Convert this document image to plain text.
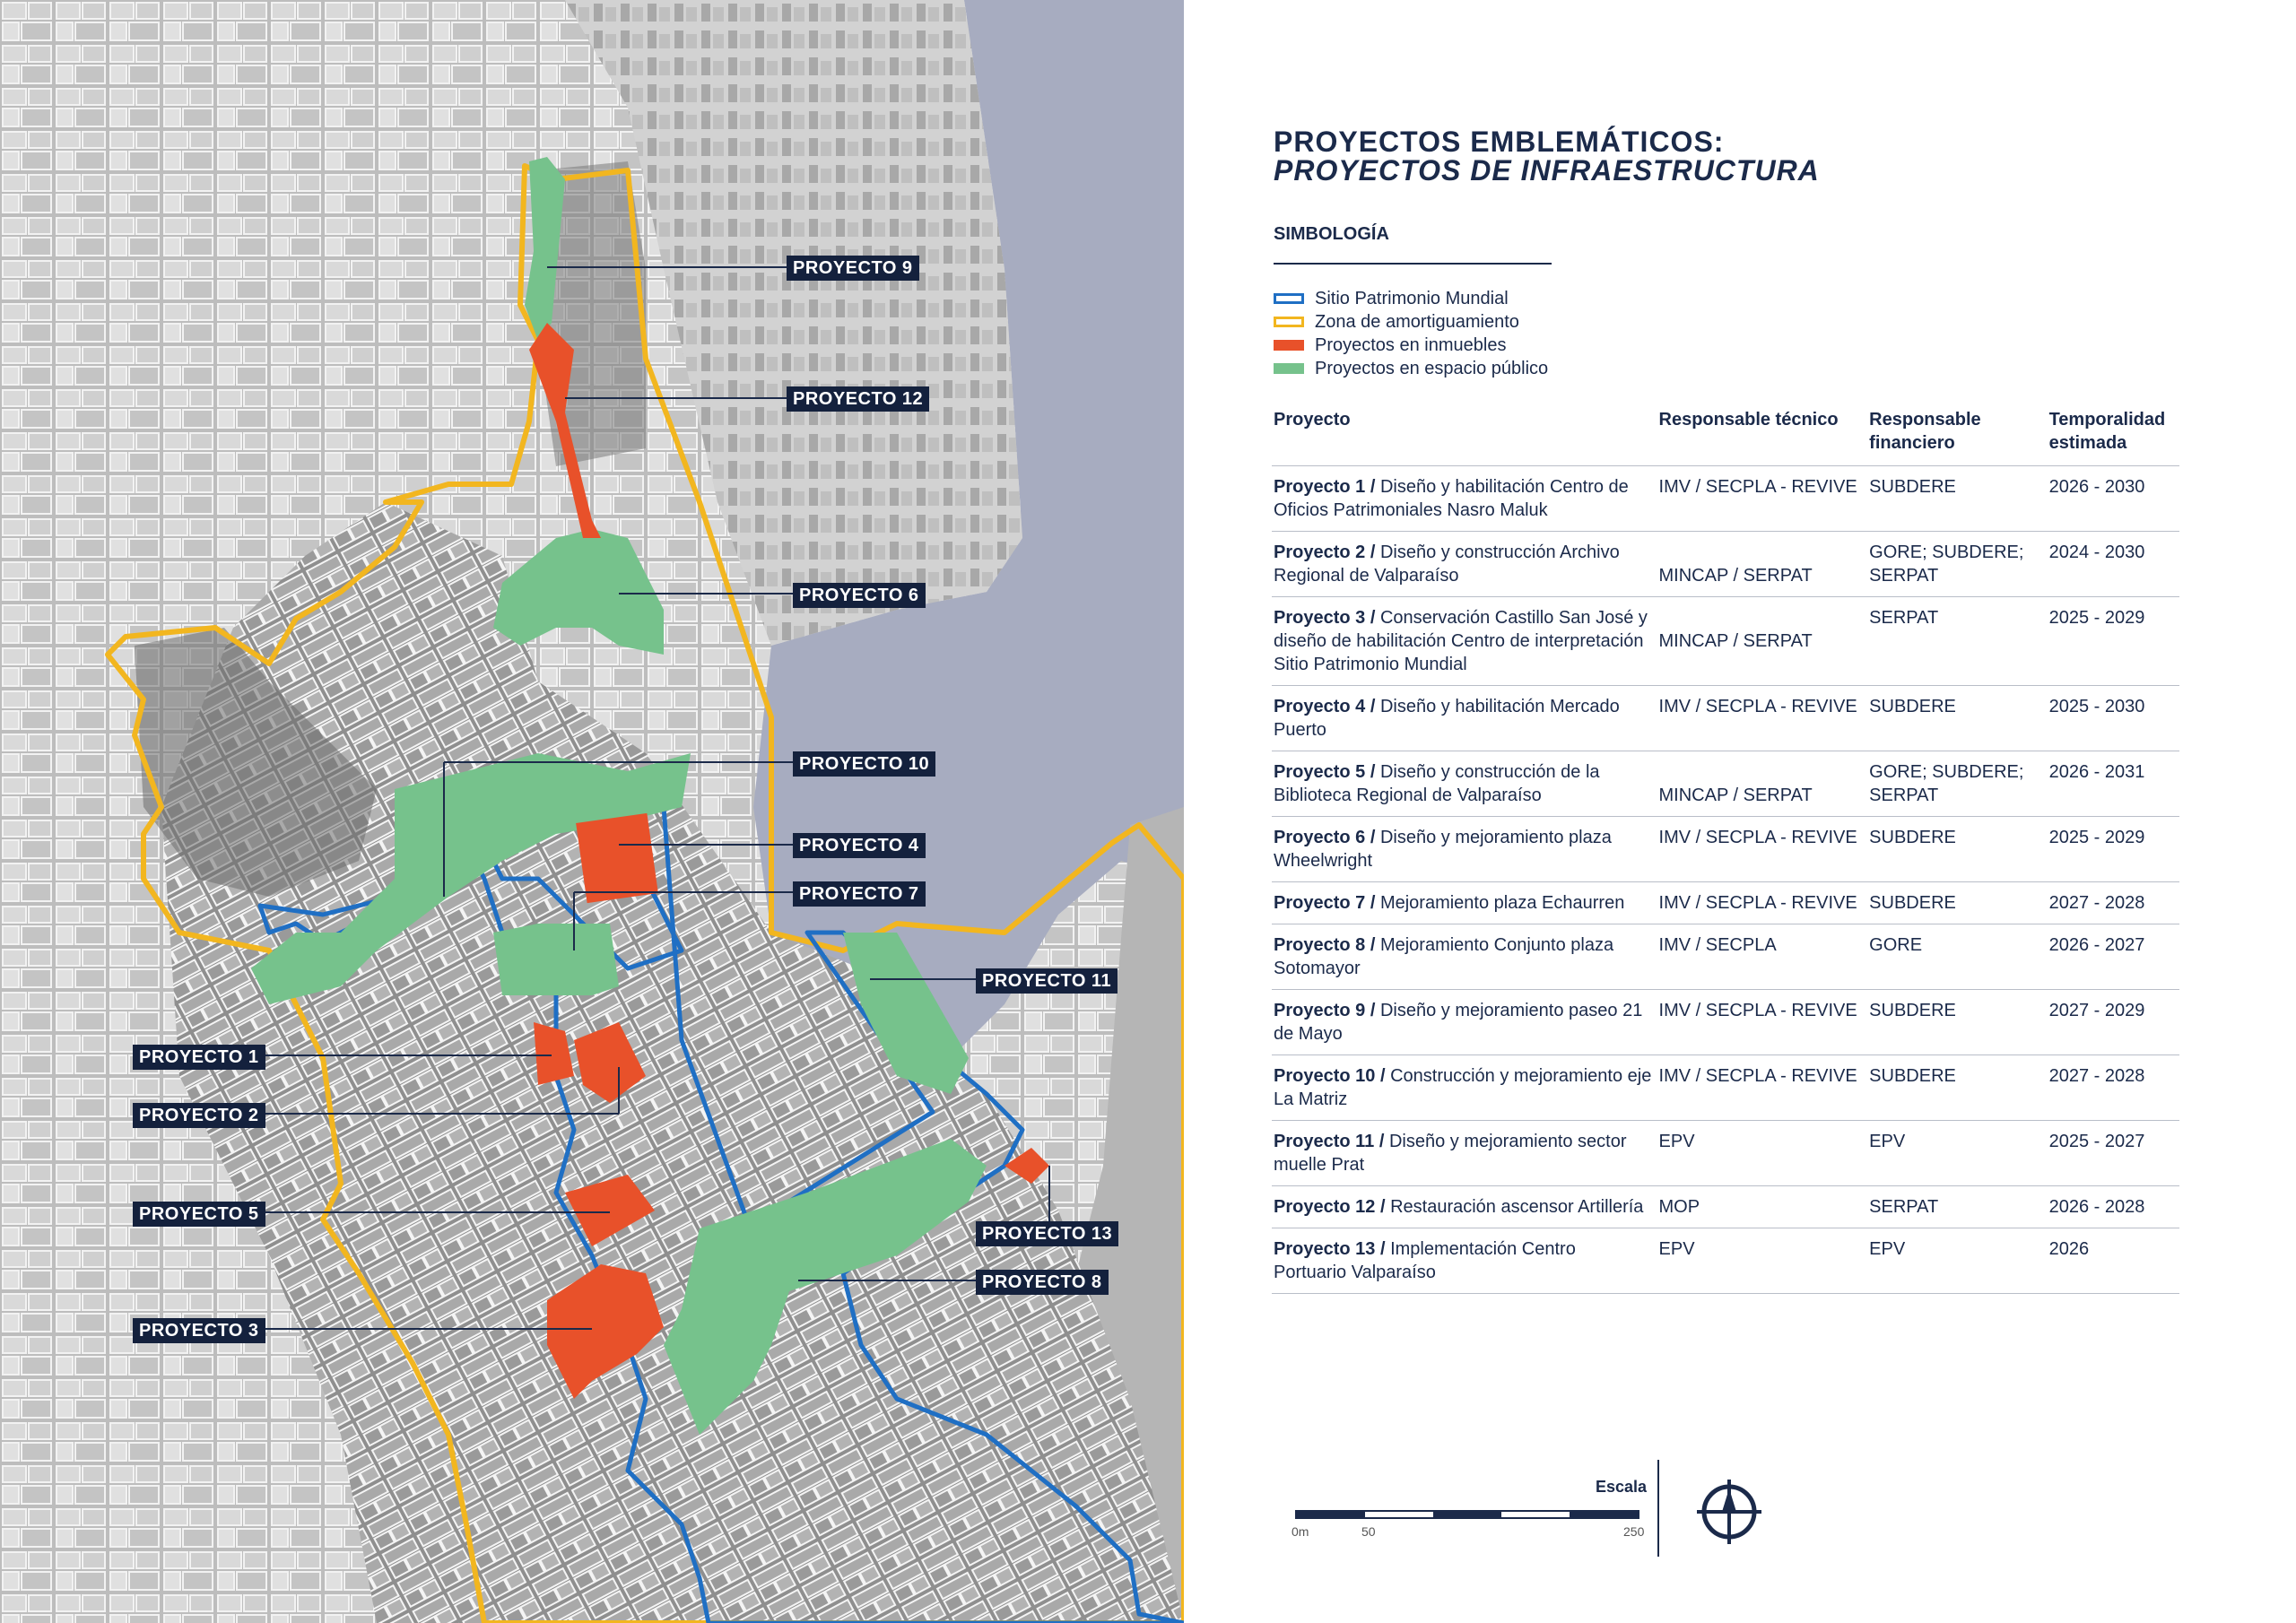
PROYECTO 9
PROYECTO 12
PROYECTO 6
PROYECTO 10
PROYECTO 4
PROYECTO 7
PROYECTO 11
PROYECTO 1
PROYECTO 2
PROYECTO 5
PROYECTO 13
PROYECTO 8
PROYECTO 3
PROYECTOS EMBLEMÁTICOS:
PROYECTOS DE INFRAESTRUCTURA
SIMBOLOGÍA
Sitio Patrimonio Mundial
Zona de amortiguamiento
Proyectos en inmuebles
Proyectos en espacio público
Proyecto	Responsable técnico	Responsable financiero	Temporalidad estimada
Proyecto 1 / Diseño y habilitación Centro de Oficios Patrimoniales Nasro Maluk	IMV / SECPLA - REVIVE	SUBDERE	2026 - 2030
Proyecto 2 / Diseño y construcción Archivo Regional de Valparaíso	MINCAP / SERPAT	GORE; SUBDERE; SERPAT	2024 - 2030
Proyecto 3 / Conservación Castillo San José y diseño de habilitación Centro de interpretación Sitio Patrimonio Mundial	MINCAP / SERPAT	SERPAT	2025 - 2029
Proyecto 4 / Diseño y habilitación Mercado Puerto	IMV / SECPLA - REVIVE	SUBDERE	2025 - 2030
Proyecto 5 / Diseño y construcción de la Biblioteca Regional de Valparaíso	MINCAP / SERPAT	GORE; SUBDERE; SERPAT	2026 - 2031
Proyecto 6 / Diseño y mejoramiento plaza Wheelwright	IMV / SECPLA - REVIVE	SUBDERE	2025 - 2029
Proyecto 7 / Mejoramiento plaza Echaurren	IMV / SECPLA - REVIVE	SUBDERE	2027 - 2028
Proyecto 8 / Mejoramiento Conjunto plaza Sotomayor	IMV / SECPLA	GORE	2026 - 2027
Proyecto 9 / Diseño y mejoramiento paseo 21 de Mayo	IMV / SECPLA - REVIVE	SUBDERE	2027 - 2029
Proyecto 10 / Construcción y mejoramiento eje La Matriz	IMV / SECPLA - REVIVE	SUBDERE	2027 - 2028
Proyecto 11 / Diseño y mejoramiento sector muelle Prat	EPV	EPV	2025 - 2027
Proyecto 12 / Restauración ascensor Artillería	MOP	SERPAT	2026 - 2028
Proyecto 13 / Implementación Centro Portuario Valparaíso	EPV	EPV	2026
Escala
0m	50	250
